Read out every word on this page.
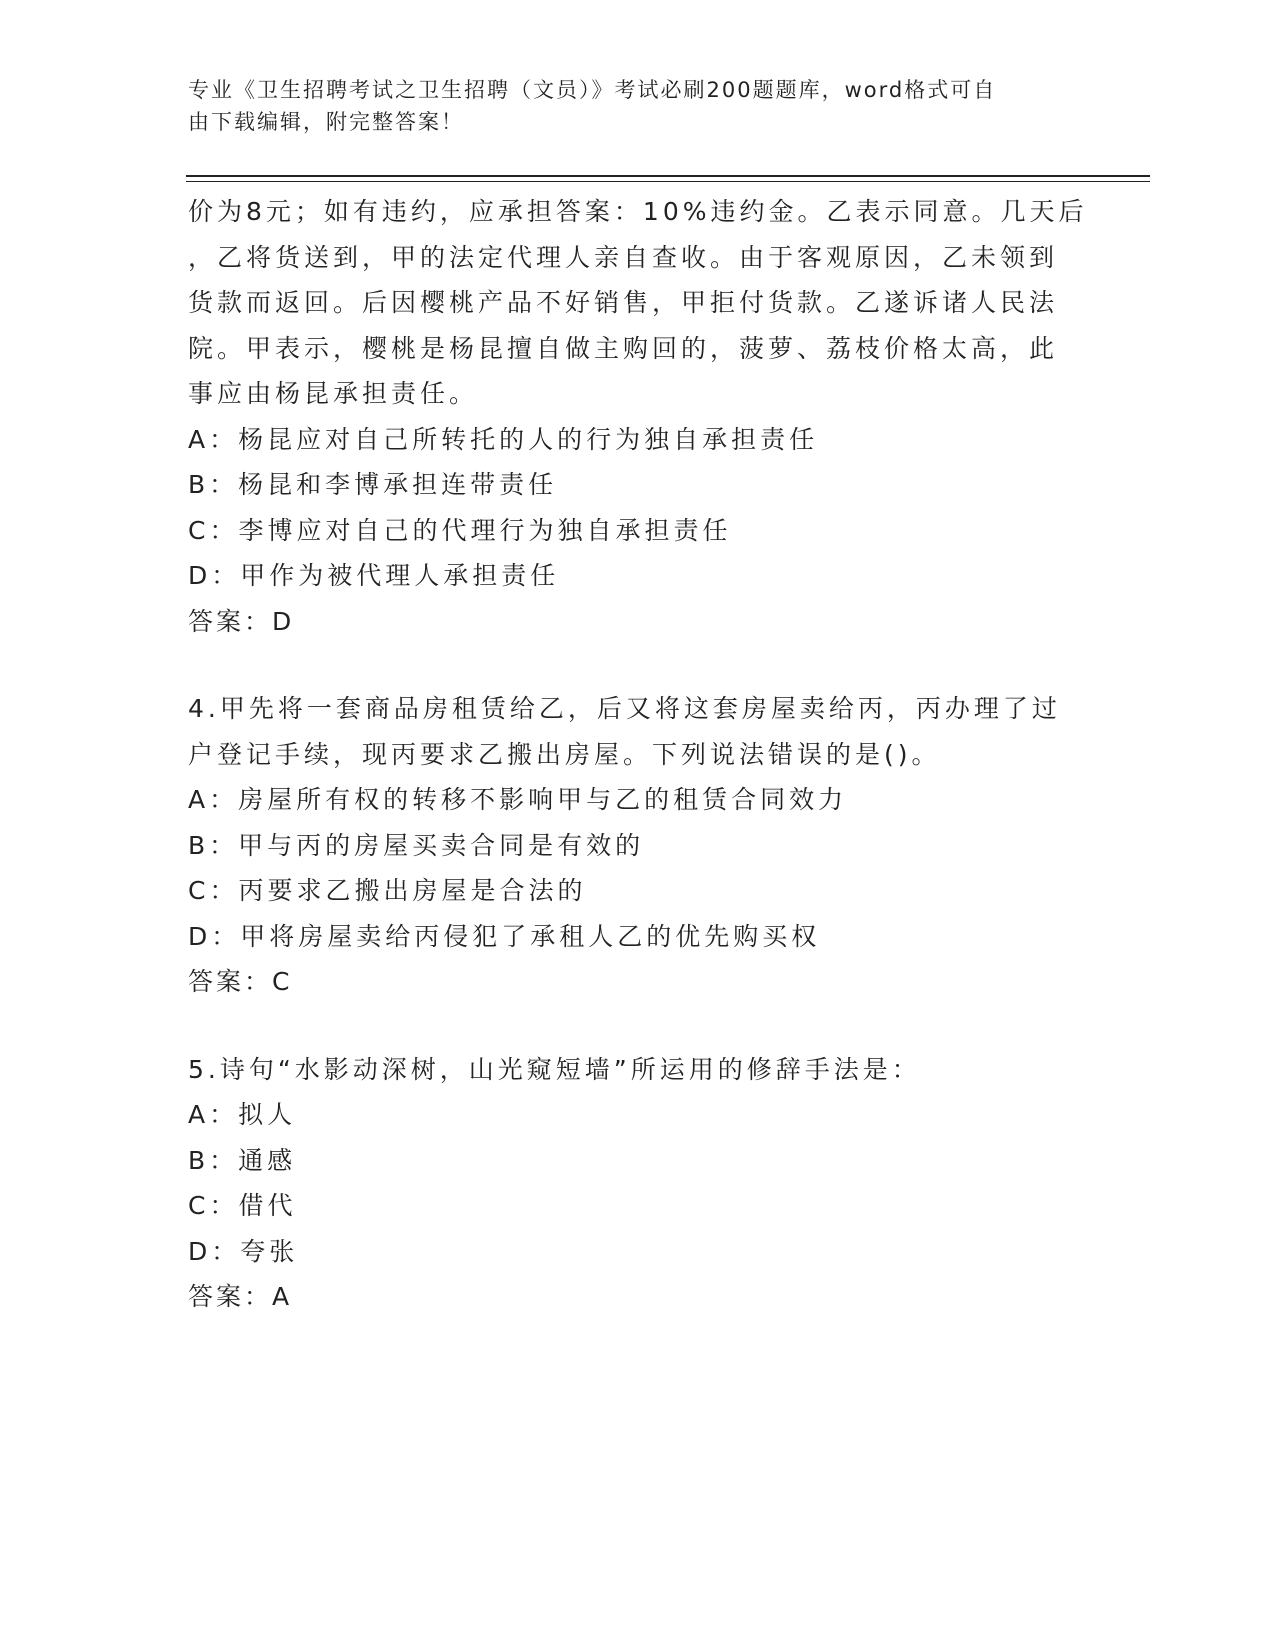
专业《卫生招聘考试之卫生招聘（文员）》考试必刷200题题库，word格式可自
由下载编辑，附完整答案！
价为8元；如有违约，应承担答案：10%违约金。乙表示同意。几天后
，乙将货送到，甲的法定代理人亲自查收。由于客观原因，乙未领到
货款而返回。后因樱桃产品不好销售，甲拒付货款。乙遂诉诸人民法
院。甲表示，樱桃是杨昆擅自做主购回的，菠萝、荔枝价格太高，此
事应由杨昆承担责任。
A：杨昆应对自己所转托的人的行为独自承担责任
B：杨昆和李博承担连带责任
C：李博应对自己的代理行为独自承担责任
D：甲作为被代理人承担责任
答案：D
4.甲先将一套商品房租赁给乙，后又将这套房屋卖给丙，丙办理了过
户登记手续，现丙要求乙搬出房屋。下列说法错误的是()。
A：房屋所有权的转移不影响甲与乙的租赁合同效力
B：甲与丙的房屋买卖合同是有效的
C：丙要求乙搬出房屋是合法的
D：甲将房屋卖给丙侵犯了承租人乙的优先购买权
答案：C
5.诗句“水影动深树，山光窥短墙”所运用的修辞手法是：
A：拟人
B：通感
C：借代
D：夸张
答案：A
